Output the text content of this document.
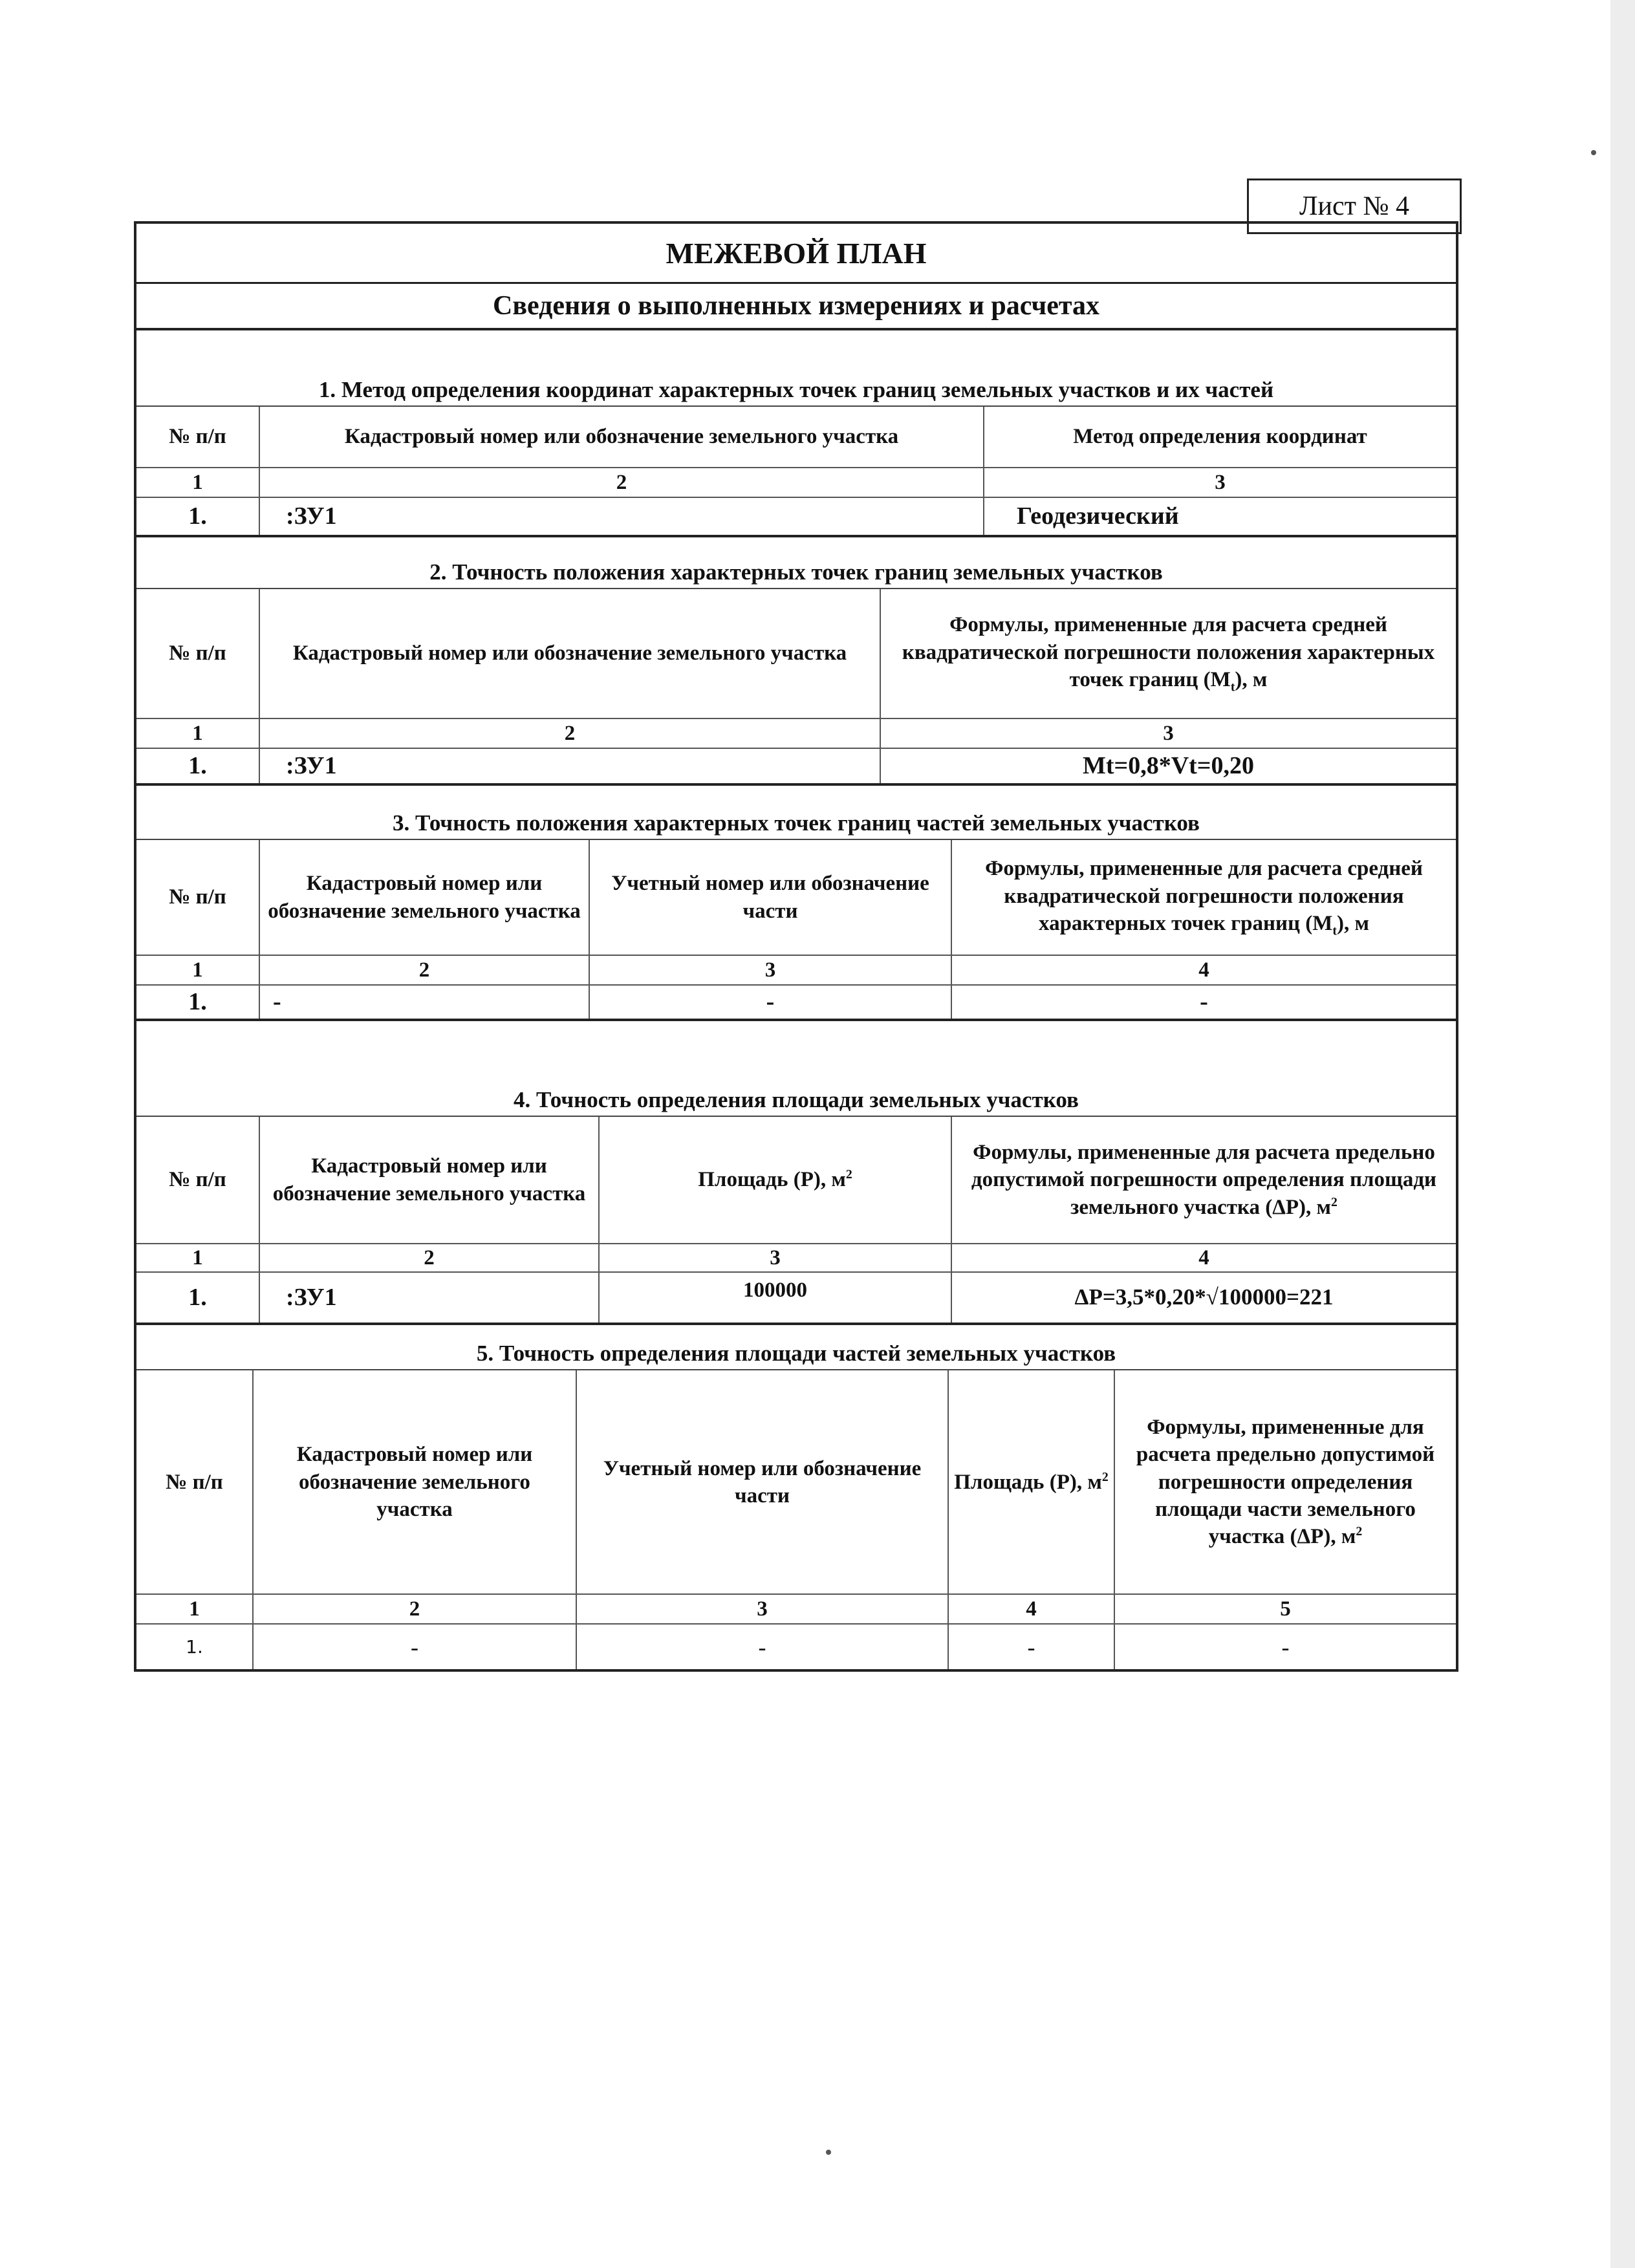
Лист № 4
МЕЖЕВОЙ ПЛАН
Сведения о выполненных измерениях и расчетах
1. Метод определения координат характерных точек границ земельных участков и их частей
№ п/п	Кадастровый номер или обозначение земельного участка	Метод определения координат
1	2	3
1.	:ЗУ1	Геодезический
2. Точность положения характерных точек границ земельных участков
№ п/п	Кадастровый номер или обозначение земельного участка	Формулы, примененные для расчета средней квадратической погрешности положения характерных точек границ $(M_t)$, м
1	2	3
1.	:ЗУ1	Mt=0,8*Vt=0,20
3. Точность положения характерных точек границ частей земельных участков
№ п/п	Кадастровый номер или обозначение земельного участка	Учетный номер или обозначение части	Формулы, примененные для расчета средней квадратической погрешности положения характерных точек границ $(M_t)$, м
1	2	3	4
1.	-	-	-
4. Точность определения площади земельных участков
№ п/п	Кадастровый номер или обозначение земельного участка	Площадь (Р), $м^2$	Формулы, примененные для расчета предельно допустимой погрешности определения площади земельного участка (ΔР), $м^2$
1	2	3	4
1.	:ЗУ1	100000	ΔР=3,5*0,20*√100000=221
5. Точность определения площади частей земельных участков
№ п/п	Кадастровый номер или обозначение земельного участка	Учетный номер или обозначение части	Площадь (Р), $м^2$	Формулы, примененные для расчета предельно допустимой погрешности определения площади части земельного участка (ΔР), $м^2$
1	2	3	4	5
1.	-	-	-	-
